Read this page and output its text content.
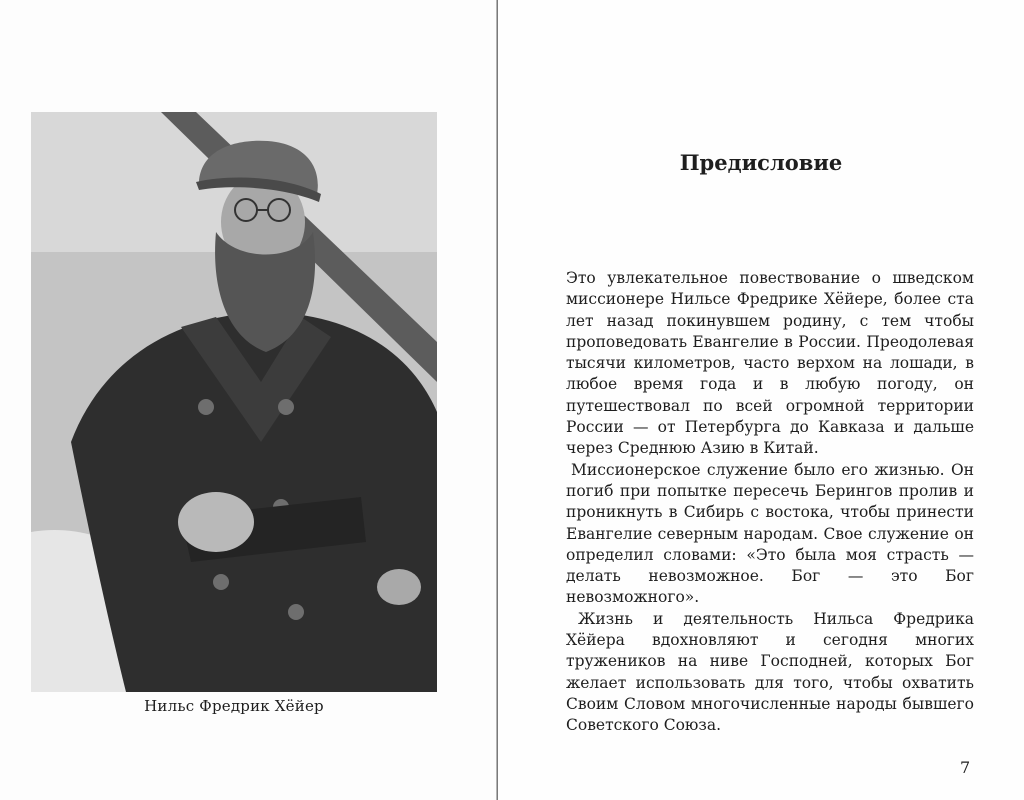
Нильс Фредрик Хёйер
Предисловие

Это увлекательное повествование о шведском миссионере Нильсе Фредрике Хёйере, более ста лет назад покинувшем родину, с тем чтобы проповедовать Евангелие в России. Преодолевая тысячи километров, часто верхом на лошади, в любое время года и в любую погоду, он путешествовал по всей огромной территории России — от Петербурга до Кавказа и дальше через Среднюю Азию в Китай.

Миссионерское служение было его жизнью. Он погиб при попытке пересечь Берингов пролив и проникнуть в Сибирь с востока, чтобы принести Евангелие северным народам. Свое служение он определил словами: «Это была моя страсть — делать невозможное. Бог — это Бог невозможного».

Жизнь и деятельность Нильса Фредрика Хёйера вдохновляют и сегодня многих тружеников на ниве Господней, которых Бог желает использовать для того, чтобы охватить Своим Словом многочисленные народы бывшего Советского Союза.

7
